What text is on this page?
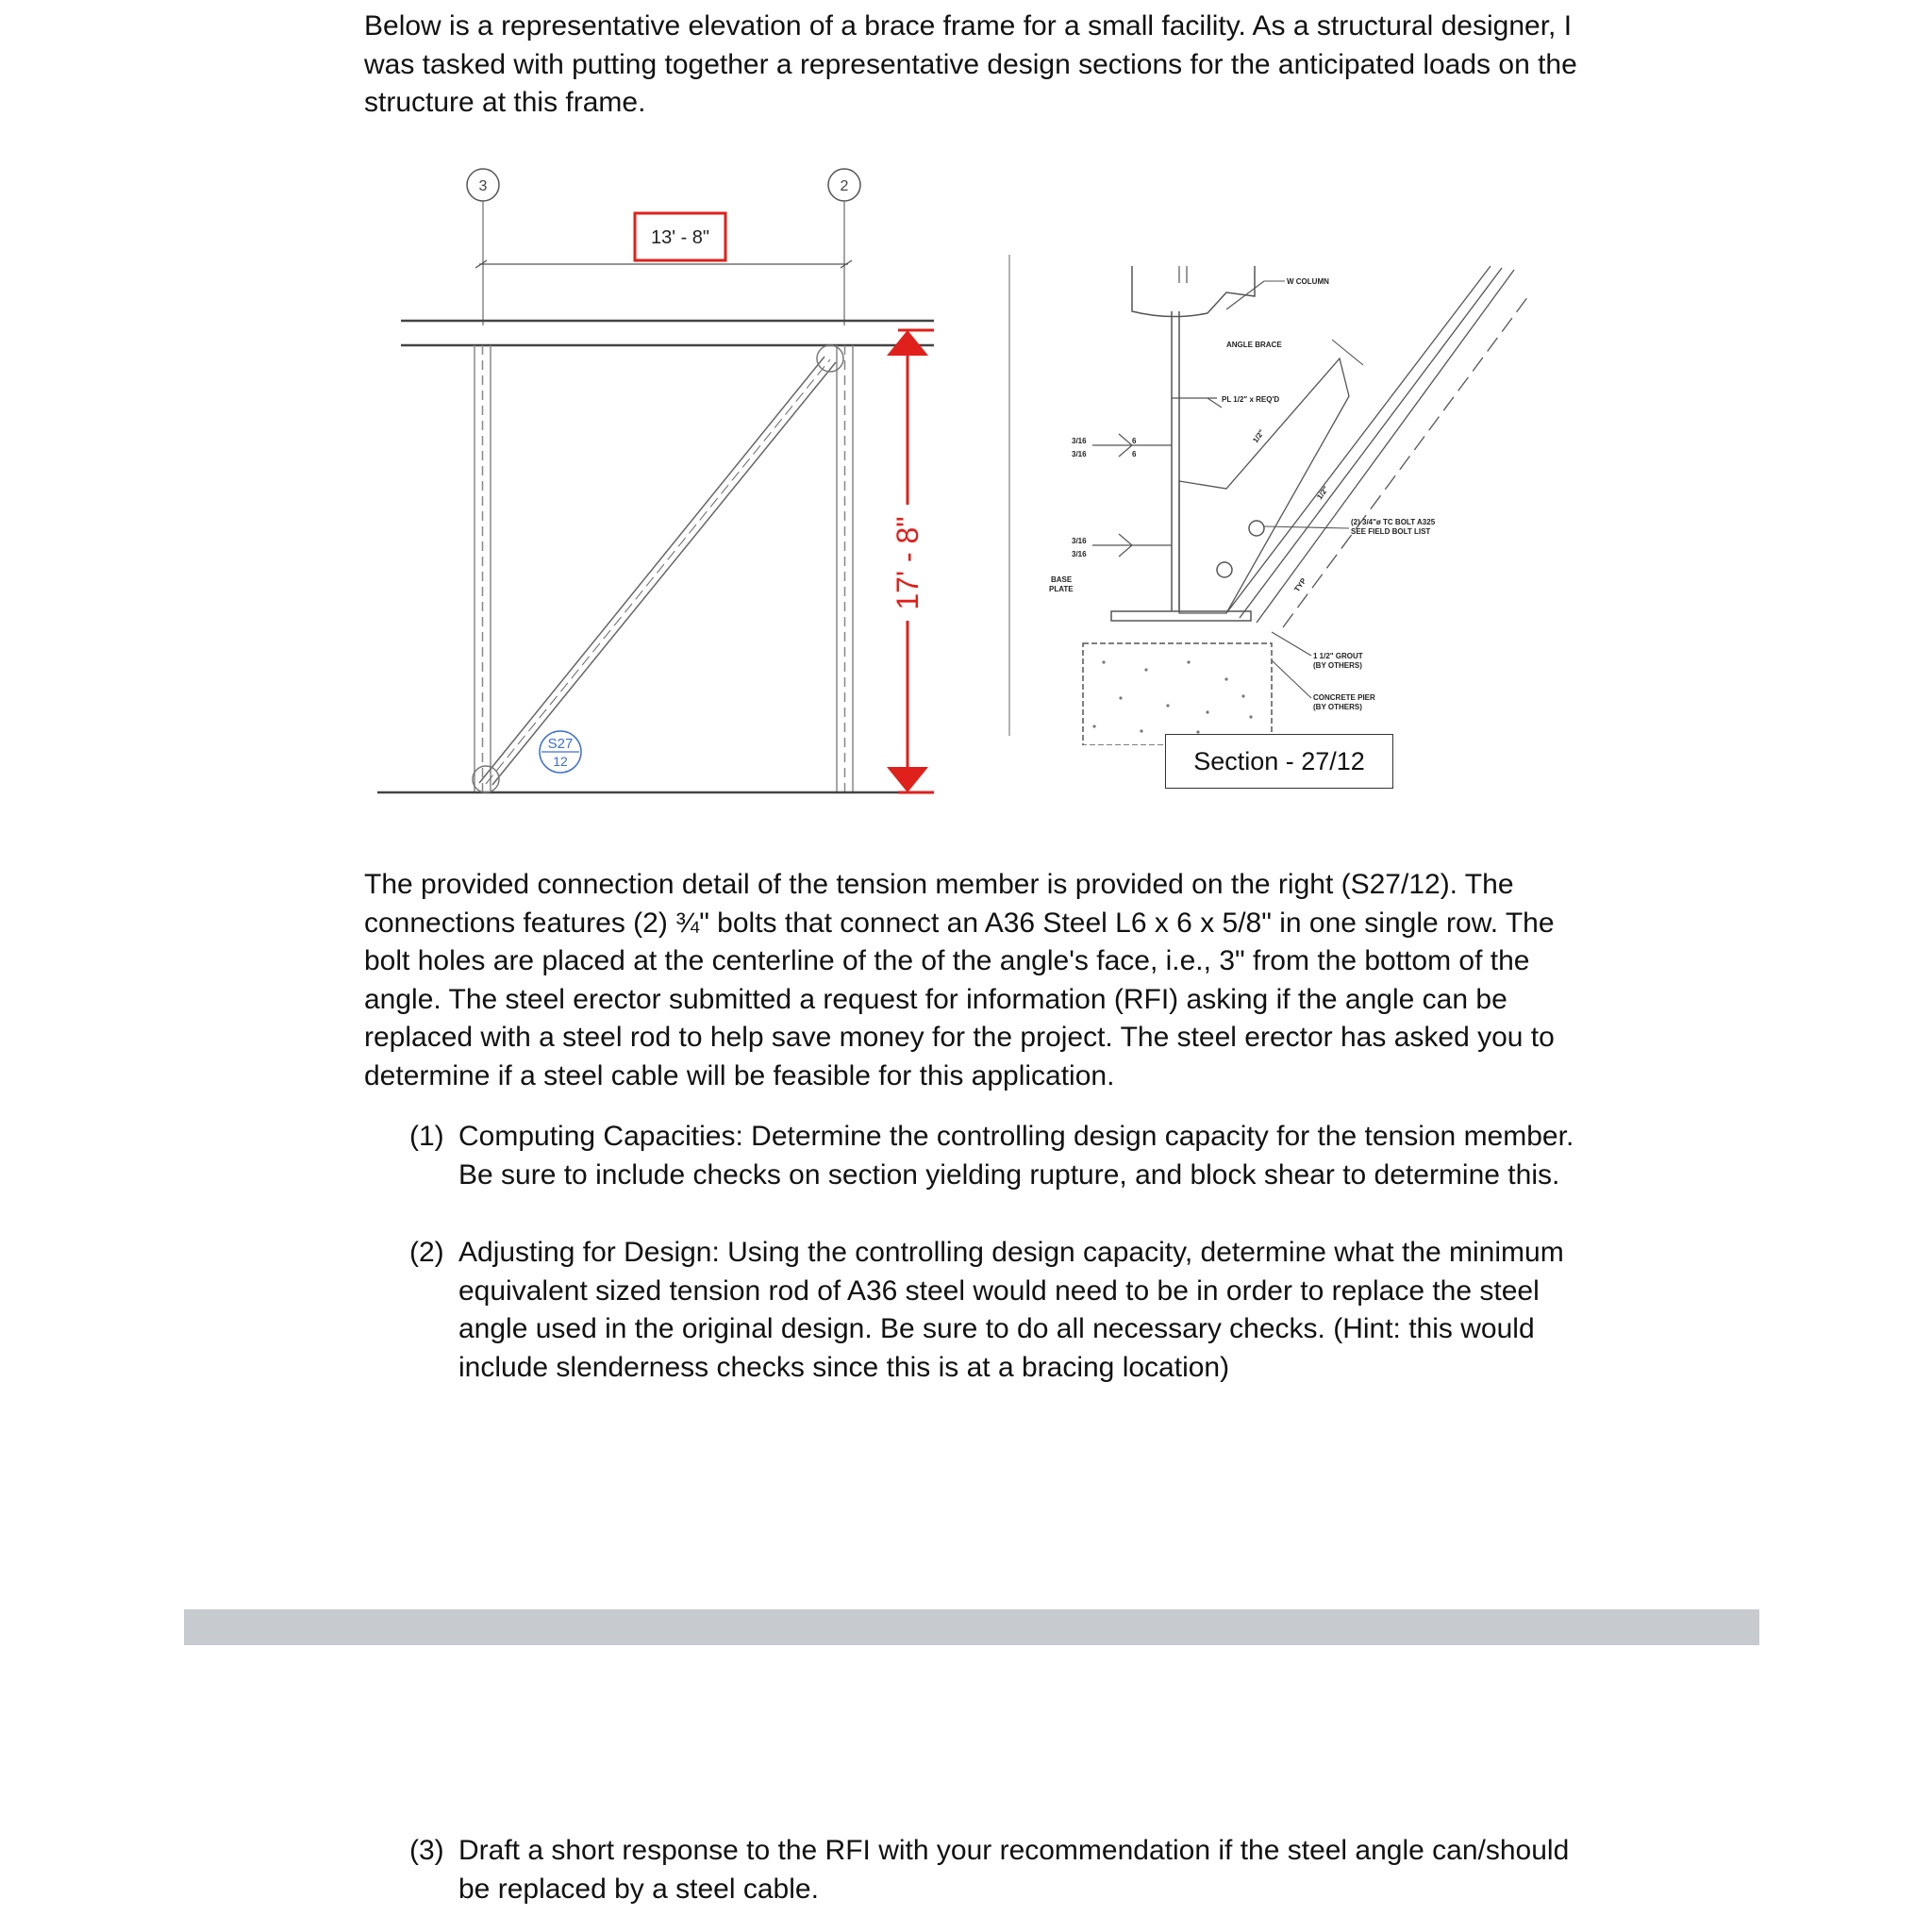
Below is a representative elevation of a brace frame for a small facility. As a structural designer, I was tasked with putting together a representative design sections for the anticipated loads on the structure at this frame.

3	2
13' - 8"
S27
12
17' - 8"
W COLUMN
ANGLE BRACE
PL 1/2" x REQ'D
3/16
3/16
6
6
3/16
3/16
BASE
PLATE
(2) 3/4"ø TC BOLT A325
SEE FIELD BOLT LIST
1 1/2" GROUT
(BY OTHERS)
CONCRETE PIER
(BY OTHERS)
1/2"
1/2"
TYP
Section - 27/12

The provided connection detail of the tension member is provided on the right (S27/12). The connections features (2) ¾" bolts that connect an A36 Steel L6 x 6 x 5/8" in one single row. The bolt holes are placed at the centerline of the of the angle's face, i.e., 3" from the bottom of the angle. The steel erector submitted a request for information (RFI) asking if the angle can be replaced with a steel rod to help save money for the project. The steel erector has asked you to determine if a steel cable will be feasible for this application.

(1) Computing Capacities: Determine the controlling design capacity for the tension member. Be sure to include checks on section yielding rupture, and block shear to determine this.
(2) Adjusting for Design: Using the controlling design capacity, determine what the minimum equivalent sized tension rod of A36 steel would need to be in order to replace the steel angle used in the original design. Be sure to do all necessary checks. (Hint: this would include slenderness checks since this is at a bracing location)
(3) Draft a short response to the RFI with your recommendation if the steel angle can/should be replaced by a steel cable.
